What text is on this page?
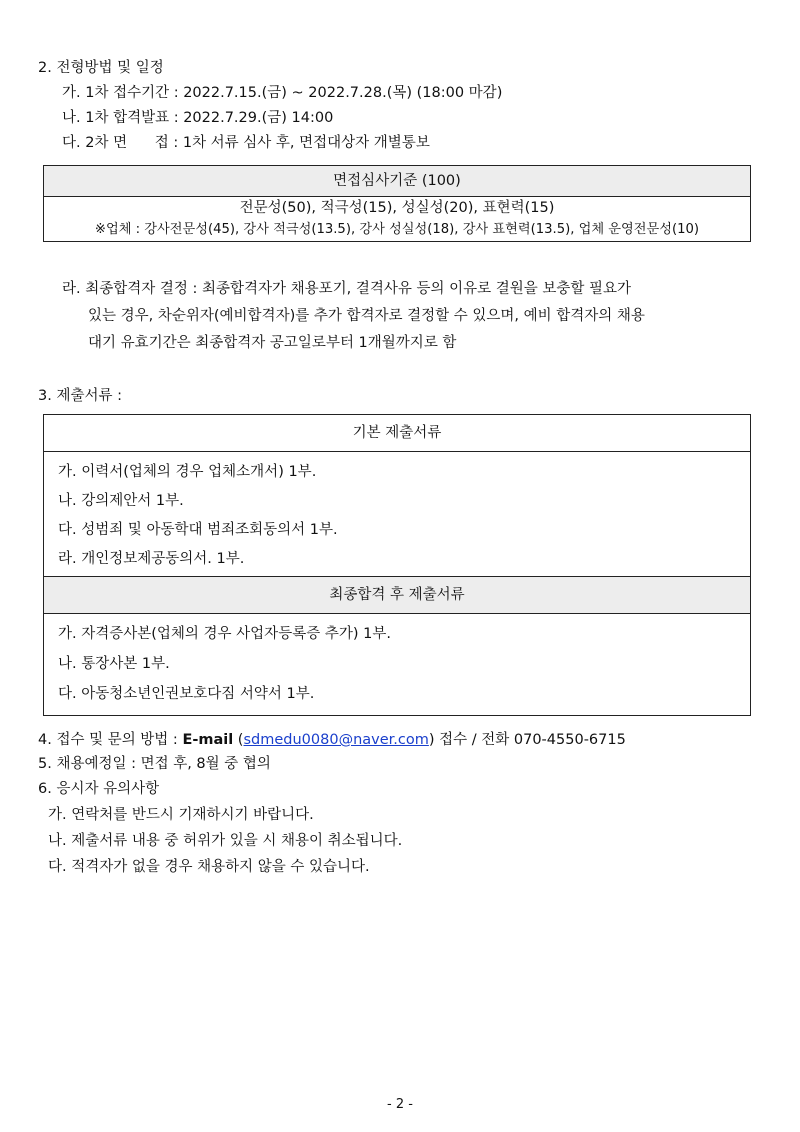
2. 전형방법 및 일정
가. 1차 접수기간 : 2022.7.15.(금) ~ 2022.7.28.(목) (18:00 마감)
나. 1차 합격발표 : 2022.7.29.(금) 14:00
다. 2차 면      접 : 1차 서류 심사 후, 면접대상자 개별통보
면접심사기준 (100)
전문성(50), 적극성(15), 성실성(20), 표현력(15)
※업체 : 강사전문성(45), 강사 적극성(13.5), 강사 성실성(18), 강사 표현력(13.5), 업체 운영전문성(10)
라. 최종합격자 결정 : 최종합격자가 채용포기, 결격사유 등의 이유로 결원을 보충할 필요가
있는 경우, 차순위자(예비합격자)를 추가 합격자로 결정할 수 있으며, 예비 합격자의 채용
대기 유효기간은 최종합격자 공고일로부터 1개월까지로 함
3. 제출서류 :
기본 제출서류
가. 이력서(업체의 경우 업체소개서) 1부.
나. 강의제안서 1부.
다. 성범죄 및 아동학대 범죄조회동의서 1부.
라. 개인정보제공동의서. 1부.
최종합격 후 제출서류
가. 자격증사본(업체의 경우 사업자등록증 추가) 1부.
나. 통장사본 1부.
다. 아동청소년인권보호다짐 서약서 1부.
4. 접수 및 문의 방법 : E-mail (sdmedu0080@naver.com) 접수 / 전화 070-4550-6715
5. 채용예정일 : 면접 후, 8월 중 협의
6. 응시자 유의사항
가. 연락처를 반드시 기재하시기 바랍니다.
나. 제출서류 내용 중 허위가 있을 시 채용이 취소됩니다.
다. 적격자가 없을 경우 채용하지 않을 수 있습니다.
- 2 -
